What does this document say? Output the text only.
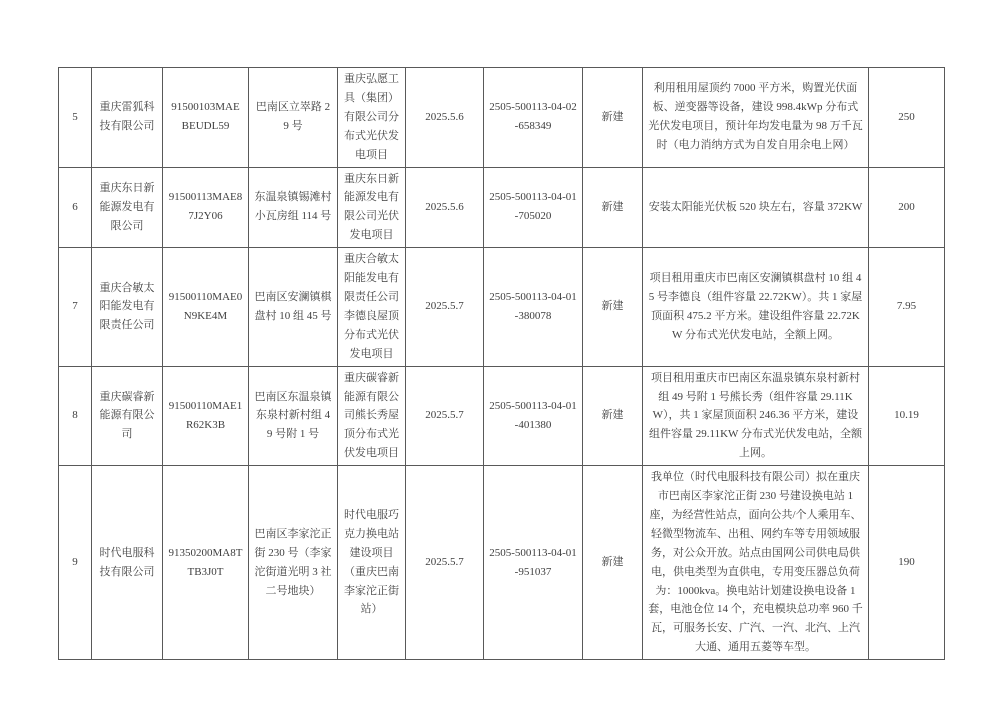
5	重庆雷狐科技有限公司	91500103MAEBEUDL59	巴南区立崒路 29 号	重庆弘愿工具（集团）有限公司分布式光伏发电项目	2025.5.6	2505-500113-04-02-658349	新建	利用租用屋顶约 7000 平方米，购置光伏面板、逆变器等设备，建设 998.4kWp 分布式光伏发电项目，预计年均发电量为 98 万千瓦时（电力消纳方式为自发自用余电上网）	250
6	重庆东日新能源发电有限公司	91500113MAE87J2Y06	东温泉镇锡滩村小瓦房组 114 号	重庆东日新能源发电有限公司光伏发电项目	2025.5.6	2505-500113-04-01-705020	新建	安装太阳能光伏板 520 块左右，容量 372KW	200
7	重庆合敏太阳能发电有限责任公司	91500110MAE0N9KE4M	巴南区安澜镇棋盘村 10 组 45 号	重庆合敏太阳能发电有限责任公司李德良屋顶分布式光伏发电项目	2025.5.7	2505-500113-04-01-380078	新建	项目租用重庆市巴南区安澜镇棋盘村 10 组 45 号李德良（组件容量 22.72KW）。共 1 家屋顶面积 475.2 平方米。建设组件容量 22.72KW 分布式光伏发电站，全额上网。	7.95
8	重庆碳睿新能源有限公司	91500110MAE1R62K3B	巴南区东温泉镇东泉村新村组 49 号附 1 号	重庆碳睿新能源有限公司熊长秀屋顶分布式光伏发电项目	2025.5.7	2505-500113-04-01-401380	新建	项目租用重庆市巴南区东温泉镇东泉村新村组 49 号附 1 号熊长秀（组件容量 29.11KW），共 1 家屋顶面积 246.36 平方米，建设组件容量 29.11KW 分布式光伏发电站，全额上网。	10.19
9	时代电服科技有限公司	91350200MA8TTB3J0T	巴南区李家沱正街 230 号（李家沱街道光明 3 社二号地块）	时代电服巧克力换电站建设项目（重庆巴南李家沱正街站）	2025.5.7	2505-500113-04-01-951037	新建	我单位（时代电服科技有限公司）拟在重庆市巴南区李家沱正街 230 号建设换电站 1 座，为经营性站点，面向公共/个人乘用车、轻微型物流车、出租、网约车等专用领域服务，对公众开放。站点由国网公司供电局供电，供电类型为直供电，专用变压器总负荷为：1000kva。换电站计划建设换电设备 1 套，电池仓位 14 个，充电模块总功率 960 千瓦，可服务长安、广汽、一汽、北汽、上汽大通、通用五菱等车型。	190
